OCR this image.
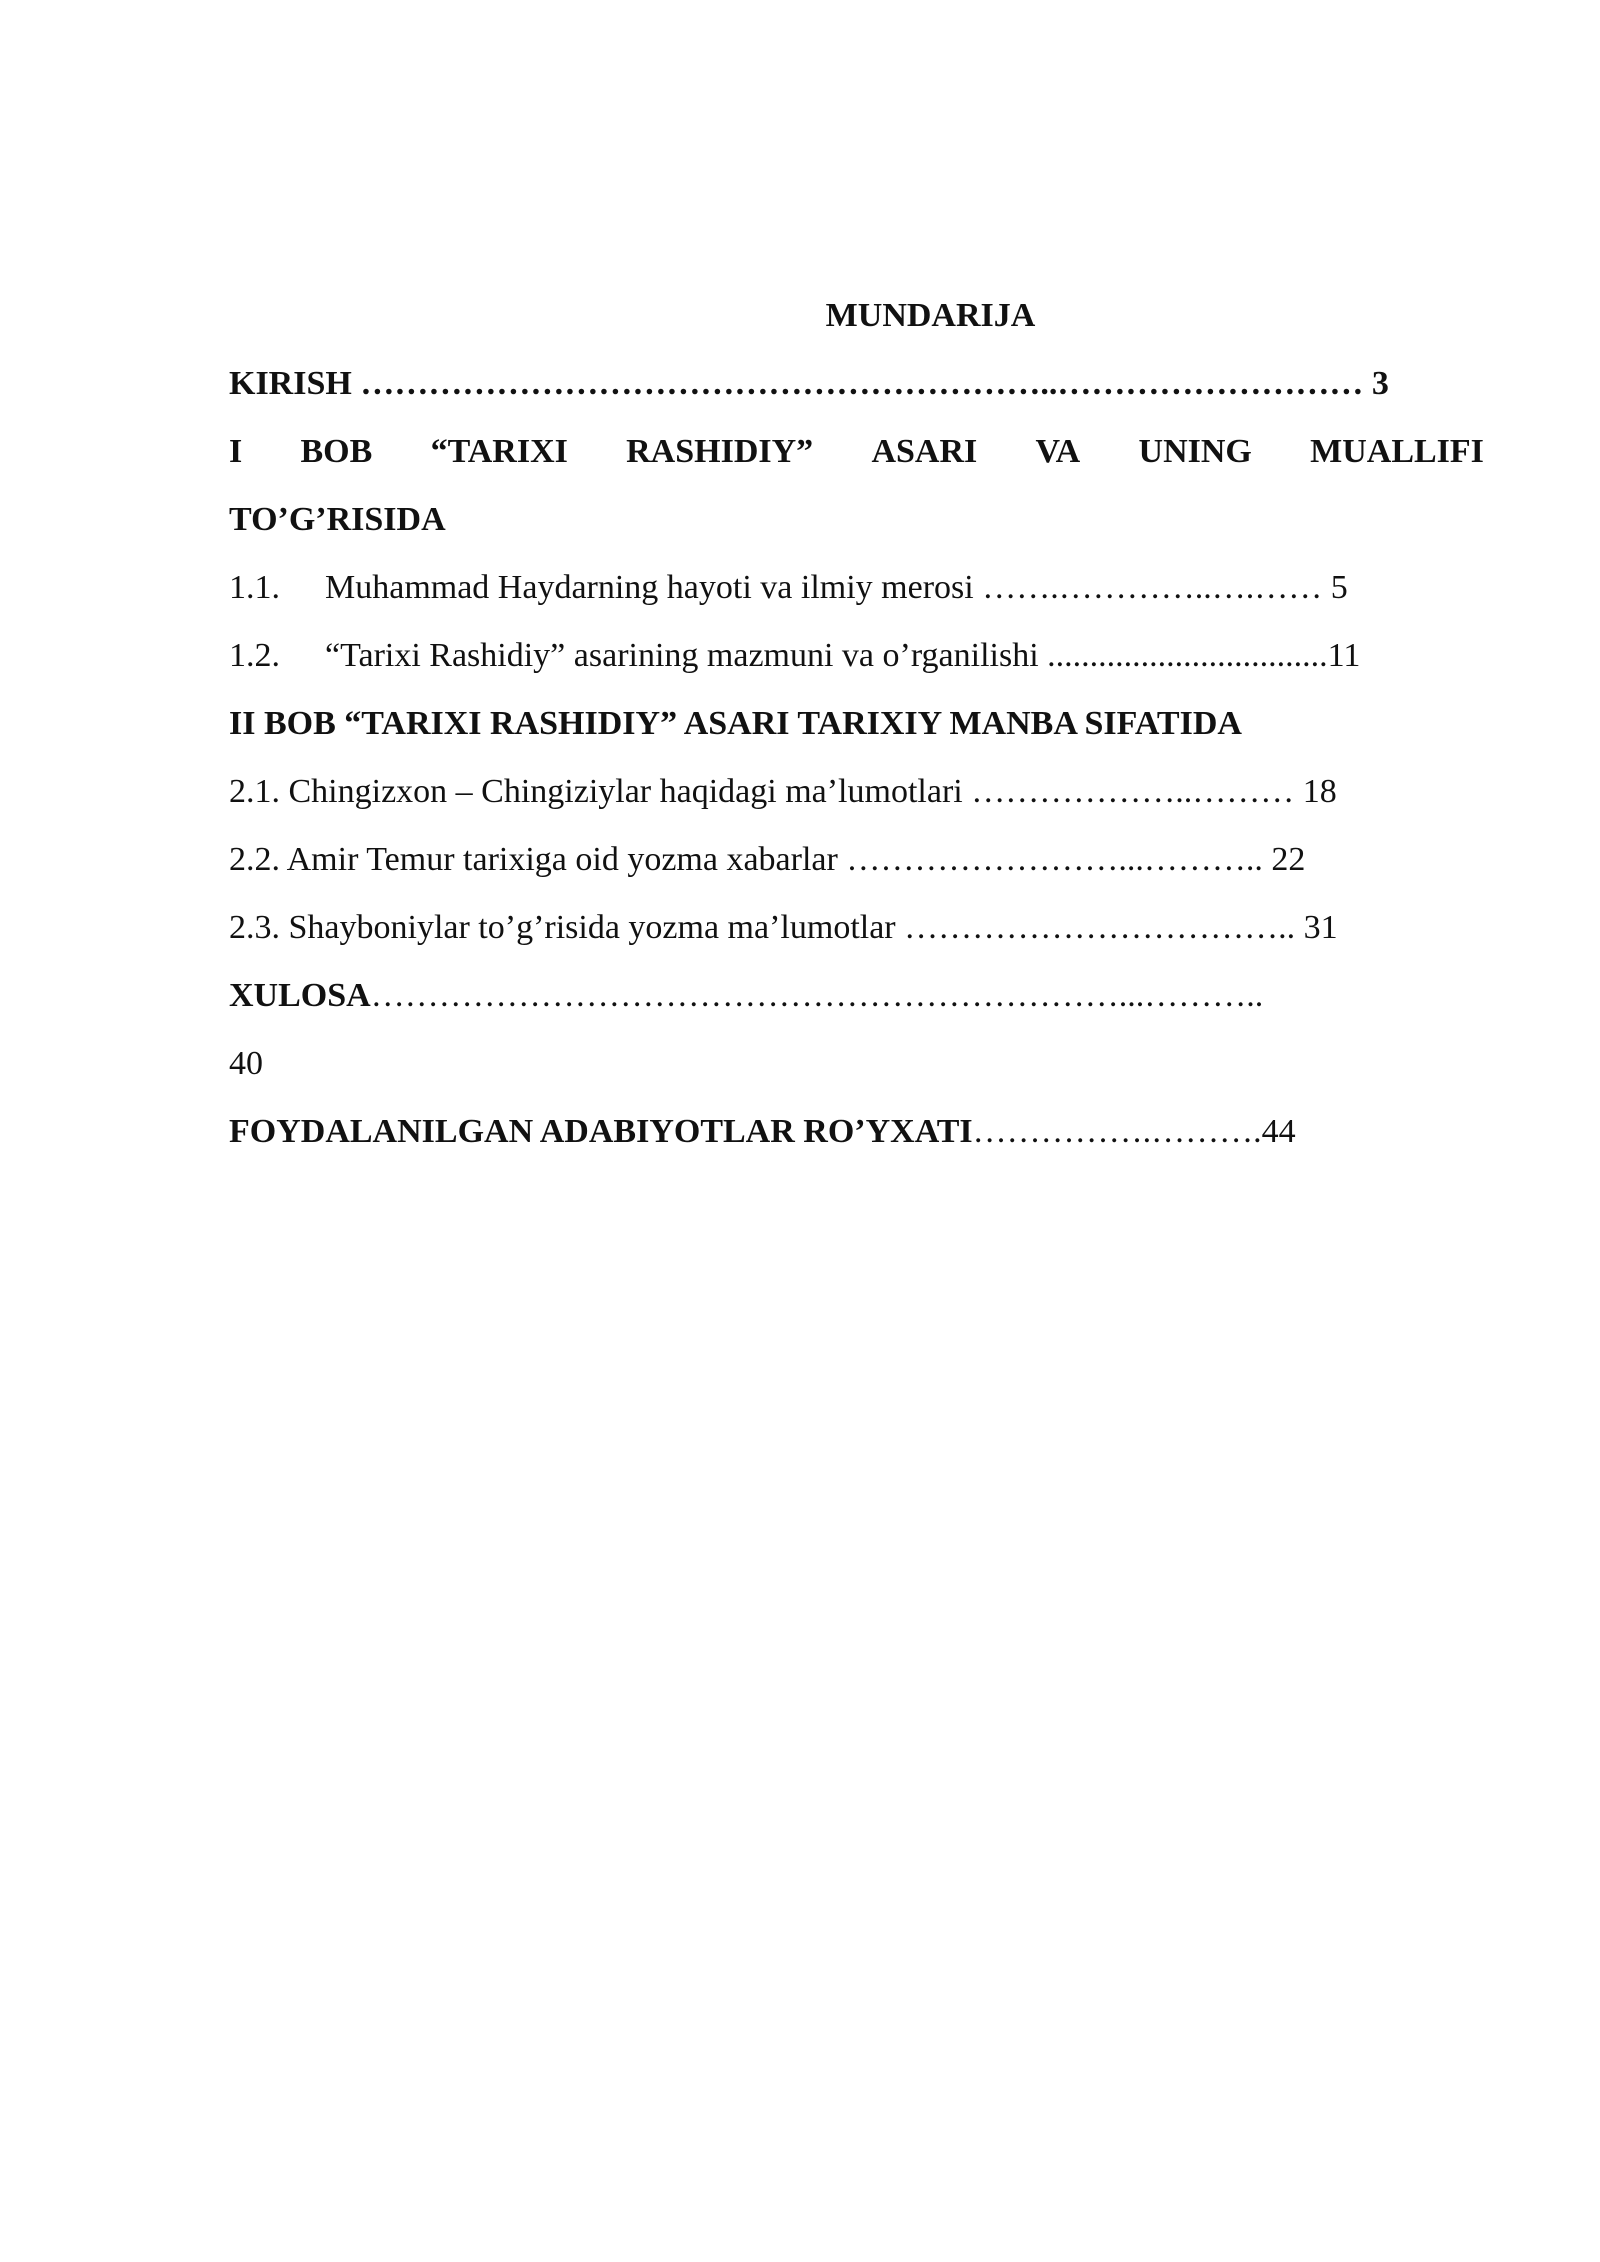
MUNDARIJA
KIRISH ……………………………………………………..……………………… 3
I BOB “TARIXI RASHIDIY” ASARI VA UNING MUALLIFI
TO’G’RISIDA
1.1. Muhammad Haydarning hayoti va ilmiy merosi …….…………..….…… 5
1.2. “Tarixi Rashidiy” asarining mazmuni va o’rganilishi .................................11
II BOB “TARIXI RASHIDIY” ASARI TARIXIY MANBA SIFATIDA
2.1. Chingizxon – Chingiziylar haqidagi ma’lumotlari ………………..……… 18
2.2. Amir Temur tarixiga oid yozma xabarlar ……………………...……….. 22
2.3. Shayboniylar to’g’risida yozma ma’lumotlar …………………………….. 31
XULOSA…………………………………………………………...………..
40
FOYDALANILGAN ADABIYOTLAR RO’YXATI…………….……….44
